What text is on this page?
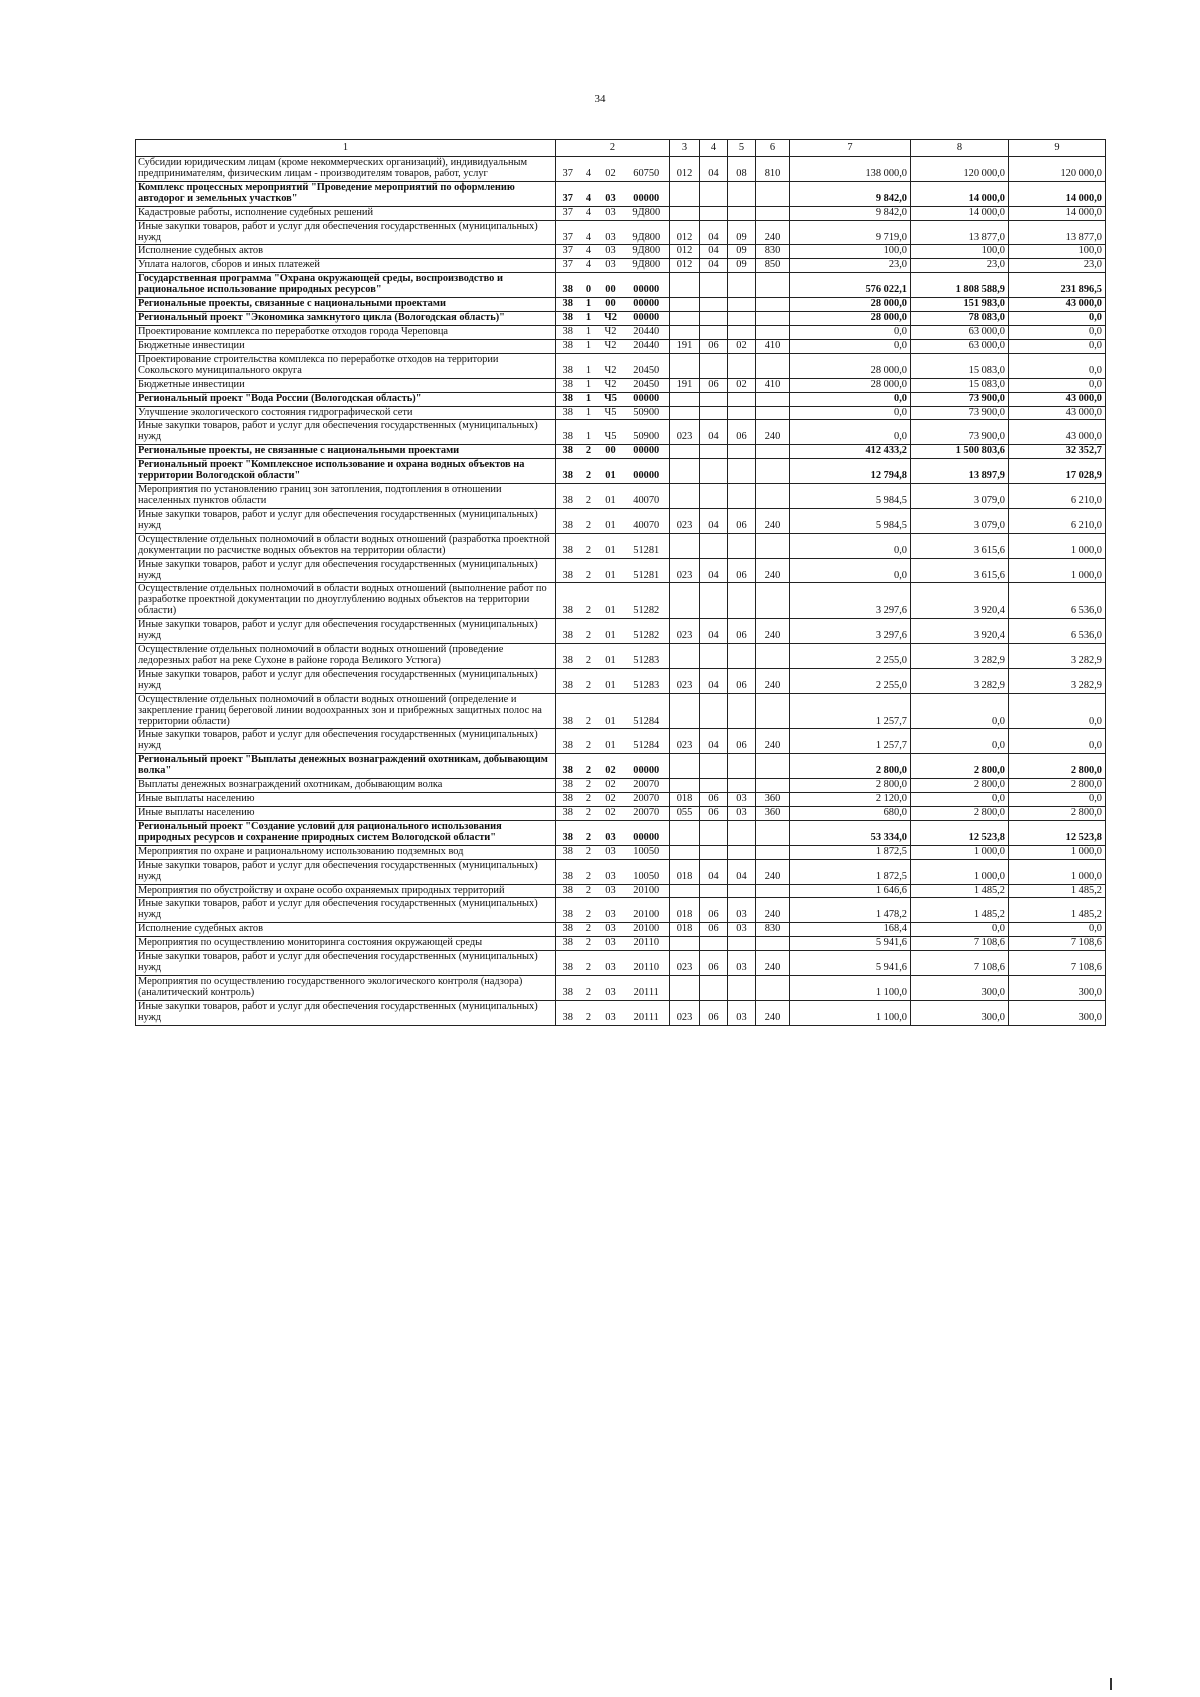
34
1	2				3	4	5	6	7	8	9
Субсидии юридическим лицам (кроме некоммерческих организаций), индивидуальным предпринимателям, физическим лицам - производителям товаров, работ, услуг	37	4	02	60750	012	04	08	810	138 000,0	120 000,0	120 000,0
Комплекс процессных мероприятий "Проведение мероприятий по оформлению автодорог и земельных участков"	37	4	03	00000					9 842,0	14 000,0	14 000,0
Кадастровые работы, исполнение судебных решений	37	4	03	9Д800					9 842,0	14 000,0	14 000,0
Иные закупки товаров, работ и услуг для обеспечения государственных (муниципальных) нужд	37	4	03	9Д800	012	04	09	240	9 719,0	13 877,0	13 877,0
Исполнение судебных актов	37	4	03	9Д800	012	04	09	830	100,0	100,0	100,0
Уплата налогов, сборов и иных платежей	37	4	03	9Д800	012	04	09	850	23,0	23,0	23,0
Государственная программа "Охрана окружающей среды, воспроизводство и рациональное использование природных ресурсов"	38	0	00	00000					576 022,1	1 808 588,9	231 896,5
Региональные проекты, связанные с национальными проектами	38	1	00	00000					28 000,0	151 983,0	43 000,0
Региональный проект "Экономика замкнутого цикла (Вологодская область)"	38	1	Ч2	00000					28 000,0	78 083,0	0,0
Проектирование комплекса по переработке отходов города Череповца	38	1	Ч2	20440					0,0	63 000,0	0,0
Бюджетные инвестиции	38	1	Ч2	20440	191	06	02	410	0,0	63 000,0	0,0
Проектирование строительства комплекса по переработке отходов на территории Сокольского муниципального округа	38	1	Ч2	20450					28 000,0	15 083,0	0,0
Бюджетные инвестиции	38	1	Ч2	20450	191	06	02	410	28 000,0	15 083,0	0,0
Региональный проект "Вода России (Вологодская область)"	38	1	Ч5	00000					0,0	73 900,0	43 000,0
Улучшение экологического состояния гидрографической сети	38	1	Ч5	50900					0,0	73 900,0	43 000,0
Иные закупки товаров, работ и услуг для обеспечения государственных (муниципальных) нужд	38	1	Ч5	50900	023	04	06	240	0,0	73 900,0	43 000,0
Региональные проекты, не связанные с национальными проектами	38	2	00	00000					412 433,2	1 500 803,6	32 352,7
Региональный проект "Комплексное использование и охрана водных объектов на территории Вологодской области"	38	2	01	00000					12 794,8	13 897,9	17 028,9
Мероприятия по установлению границ зон затопления, подтопления в отношении населенных пунктов области	38	2	01	40070					5 984,5	3 079,0	6 210,0
Иные закупки товаров, работ и услуг для обеспечения государственных (муниципальных) нужд	38	2	01	40070	023	04	06	240	5 984,5	3 079,0	6 210,0
Осуществление отдельных полномочий в области водных отношений (разработка проектной документации по расчистке водных объектов на территории области)	38	2	01	51281					0,0	3 615,6	1 000,0
Иные закупки товаров, работ и услуг для обеспечения государственных (муниципальных) нужд	38	2	01	51281	023	04	06	240	0,0	3 615,6	1 000,0
Осуществление отдельных полномочий в области водных отношений (выполнение работ по разработке проектной документации по дноуглублению водных объектов на территории области)	38	2	01	51282					3 297,6	3 920,4	6 536,0
Иные закупки товаров, работ и услуг для обеспечения государственных (муниципальных) нужд	38	2	01	51282	023	04	06	240	3 297,6	3 920,4	6 536,0
Осуществление отдельных полномочий в области водных отношений (проведение ледорезных работ на реке Сухоне в районе города Великого Устюга)	38	2	01	51283					2 255,0	3 282,9	3 282,9
Иные закупки товаров, работ и услуг для обеспечения государственных (муниципальных) нужд	38	2	01	51283	023	04	06	240	2 255,0	3 282,9	3 282,9
Осуществление отдельных полномочий в области водных отношений (определение и закрепление границ береговой линии водоохранных зон и прибрежных защитных полос на территории области)	38	2	01	51284					1 257,7	0,0	0,0
Иные закупки товаров, работ и услуг для обеспечения государственных (муниципальных) нужд	38	2	01	51284	023	04	06	240	1 257,7	0,0	0,0
Региональный проект "Выплаты денежных вознаграждений охотникам, добывающим волка"	38	2	02	00000					2 800,0	2 800,0	2 800,0
Выплаты денежных вознаграждений охотникам, добывающим волка	38	2	02	20070					2 800,0	2 800,0	2 800,0
Иные выплаты населению	38	2	02	20070	018	06	03	360	2 120,0	0,0	0,0
Иные выплаты населению	38	2	02	20070	055	06	03	360	680,0	2 800,0	2 800,0
Региональный проект "Создание условий для рационального использования природных ресурсов и сохранение природных систем Вологодской области"	38	2	03	00000					53 334,0	12 523,8	12 523,8
Мероприятия по охране и рациональному использованию подземных вод	38	2	03	10050					1 872,5	1 000,0	1 000,0
Иные закупки товаров, работ и услуг для обеспечения государственных (муниципальных) нужд	38	2	03	10050	018	04	04	240	1 872,5	1 000,0	1 000,0
Мероприятия по обустройству и охране особо охраняемых природных территорий	38	2	03	20100					1 646,6	1 485,2	1 485,2
Иные закупки товаров, работ и услуг для обеспечения государственных (муниципальных) нужд	38	2	03	20100	018	06	03	240	1 478,2	1 485,2	1 485,2
Исполнение судебных актов	38	2	03	20100	018	06	03	830	168,4	0,0	0,0
Мероприятия по осуществлению мониторинга состояния окружающей среды	38	2	03	20110					5 941,6	7 108,6	7 108,6
Иные закупки товаров, работ и услуг для обеспечения государственных (муниципальных) нужд	38	2	03	20110	023	06	03	240	5 941,6	7 108,6	7 108,6
Мероприятия по осуществлению государственного экологического контроля (надзора) (аналитический контроль)	38	2	03	20111					1 100,0	300,0	300,0
Иные закупки товаров, работ и услуг для обеспечения государственных (муниципальных) нужд	38	2	03	20111	023	06	03	240	1 100,0	300,0	300,0
